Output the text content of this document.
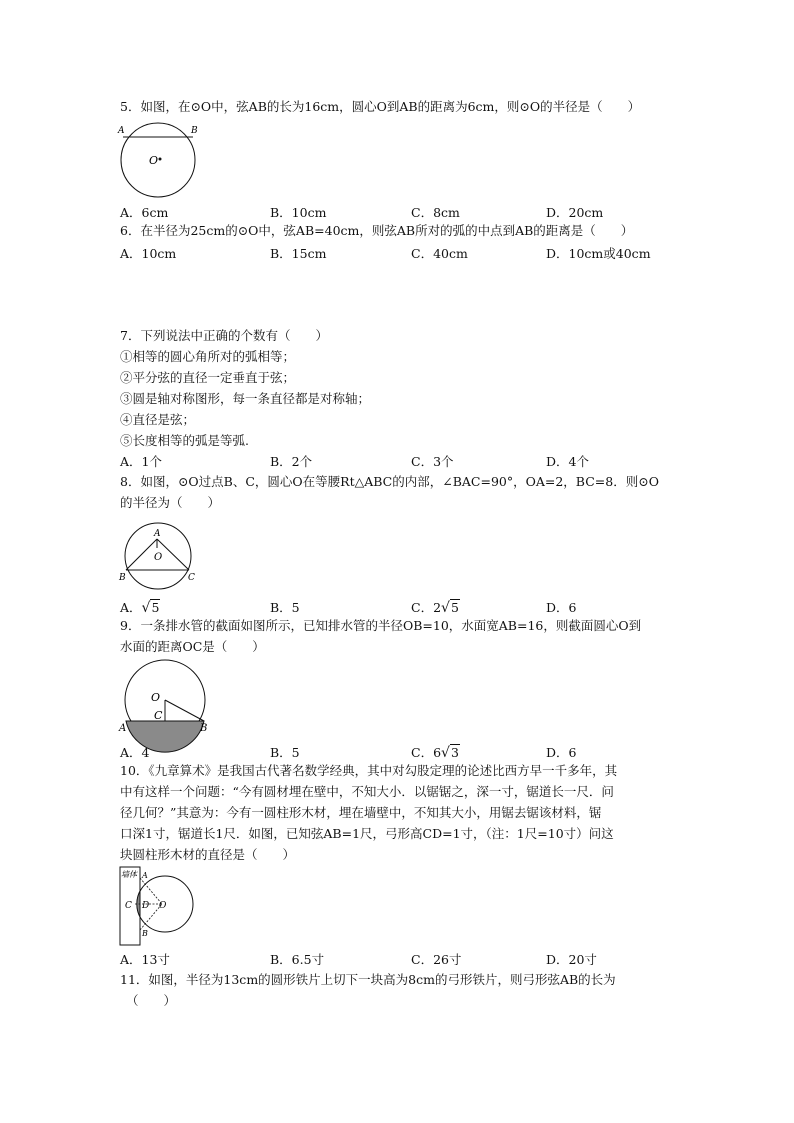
5．如图，在⊙O中，弦AB的长为16cm，圆心O到AB的距离为6cm，则⊙O的半径是（　　）
A	B
O
A．6cm	B．10cm	C．8cm	D．20cm
6．在半径为25cm的⊙O中，弦AB=40cm，则弦AB所对的弧的中点到AB的距离是（　　）
A．10cm	B．15cm	C．40cm	D．10cm或40cm
7．下列说法中正确的个数有（　　）
①相等的圆心角所对的弧相等；
②平分弦的直径一定垂直于弦；
③圆是轴对称图形，每一条直径都是对称轴；
④直径是弦；
⑤长度相等的弧是等弧.
A．1个	B．2个	C．3个	D．4个
8．如图，⊙O过点B、C，圆心O在等腰Rt△ABC的内部，∠BAC=90°，OA=2，BC=8．则⊙O
的半径为（　　）
A
O
B	C
A．√5	B．5	C．2√5	D．6
9．一条排水管的截面如图所示，已知排水管的半径OB=10，水面宽AB=16，则截面圆心O到
水面的距离OC是（　　）
O
C
A	B
A．4	B．5	C．6√3	D．6
10．《九章算术》是我国古代著名数学经典，其中对勾股定理的论述比西方早一千多年，其
中有这样一个问题：“今有圆材埋在壁中，不知大小．以锯锯之，深一寸，锯道长一尺．问
径几何？”其意为：今有一圆柱形木材，埋在墙壁中，不知其大小，用锯去锯该材料，锯
口深1寸，锯道长1尺．如图，已知弦AB=1尺，弓形高CD=1寸，（注：1尺=10寸）问这
块圆柱形木材的直径是（　　）
墙体 A
C D O
B
A．13寸	B．6.5寸	C．26寸	D．20寸
11．如图，半径为13cm的圆形铁片上切下一块高为8cm的弓形铁片，则弓形弦AB的长为
（　　）
